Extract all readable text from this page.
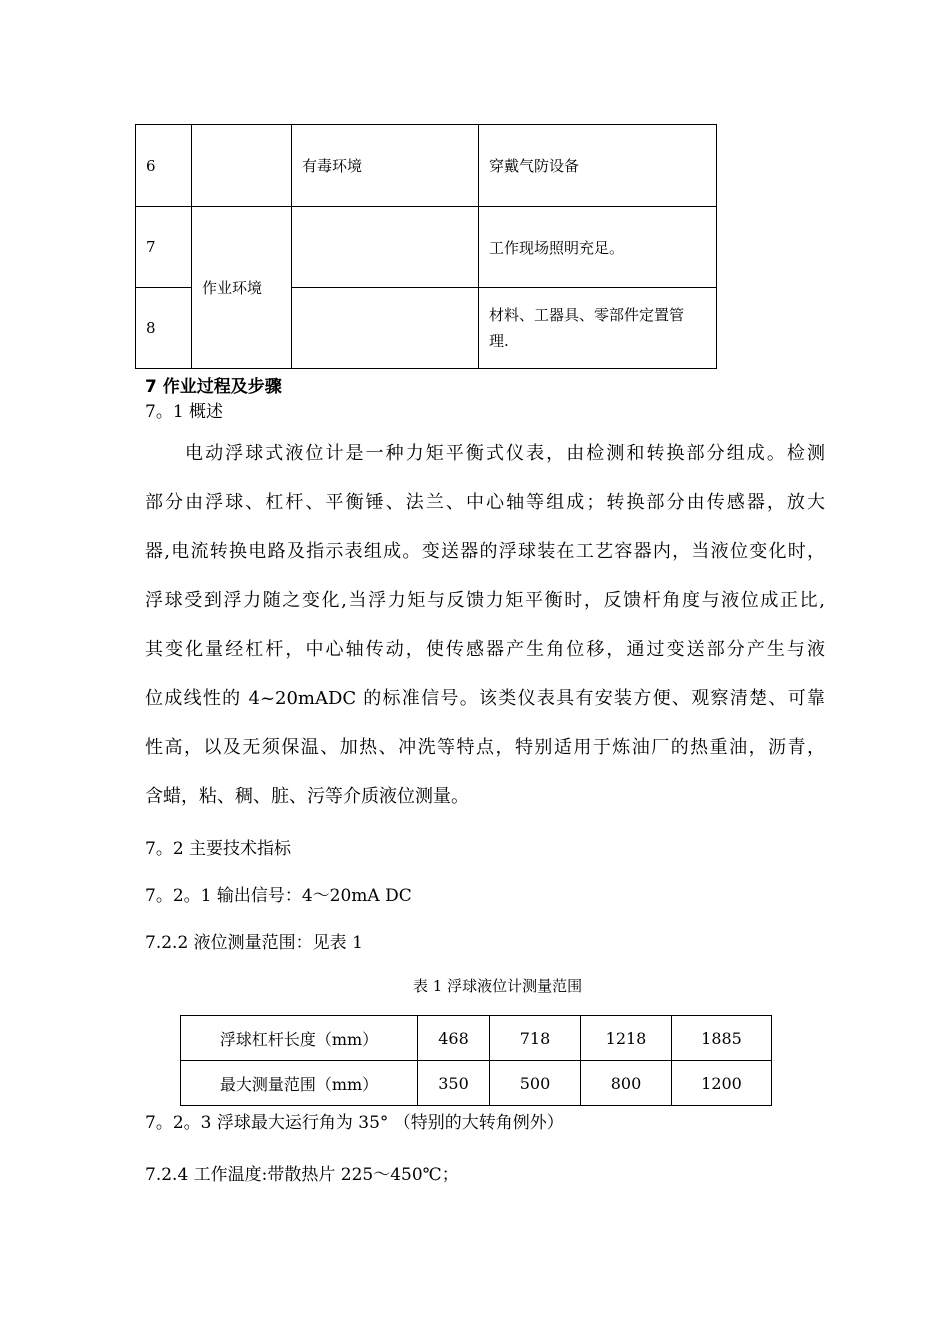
6		有毒环境	穿戴气防设备
7	作业环境		工作现场照明充足。
8			材料、工器具、零部件定置管
理.
7 作业过程及步骤
7。1 概述
电动浮球式液位计是一种力矩平衡式仪表，由检测和转换部分组成。检测
部分由浮球、杠杆、平衡锤、法兰、中心轴等组成；转换部分由传感器，放大
器,电流转换电路及指示表组成。变送器的浮球装在工艺容器内，当液位变化时，
浮球受到浮力随之变化,当浮力矩与反馈力矩平衡时，反馈杆角度与液位成正比,
其变化量经杠杆，中心轴传动，使传感器产生角位移，通过变送部分产生与液
位成线性的 4~20mADC 的标准信号。该类仪表具有安装方便、观察清楚、可靠
性高，以及无须保温、加热、冲洗等特点，特别适用于炼油厂的热重油，沥青，
含蜡，粘、稠、脏、污等介质液位测量。
7。2 主要技术指标
7。2。1 输出信号：4～20mA DC
7.2.2 液位测量范围：见表 1
表 1 浮球液位计测量范围
浮球杠杆长度（mm）	468	718	1218	1885
最大测量范围（mm）	350	500	800	1200
7。2。3 浮球最大运行角为 35° （特别的大转角例外）
7.2.4 工作温度:带散热片 225～450℃；
